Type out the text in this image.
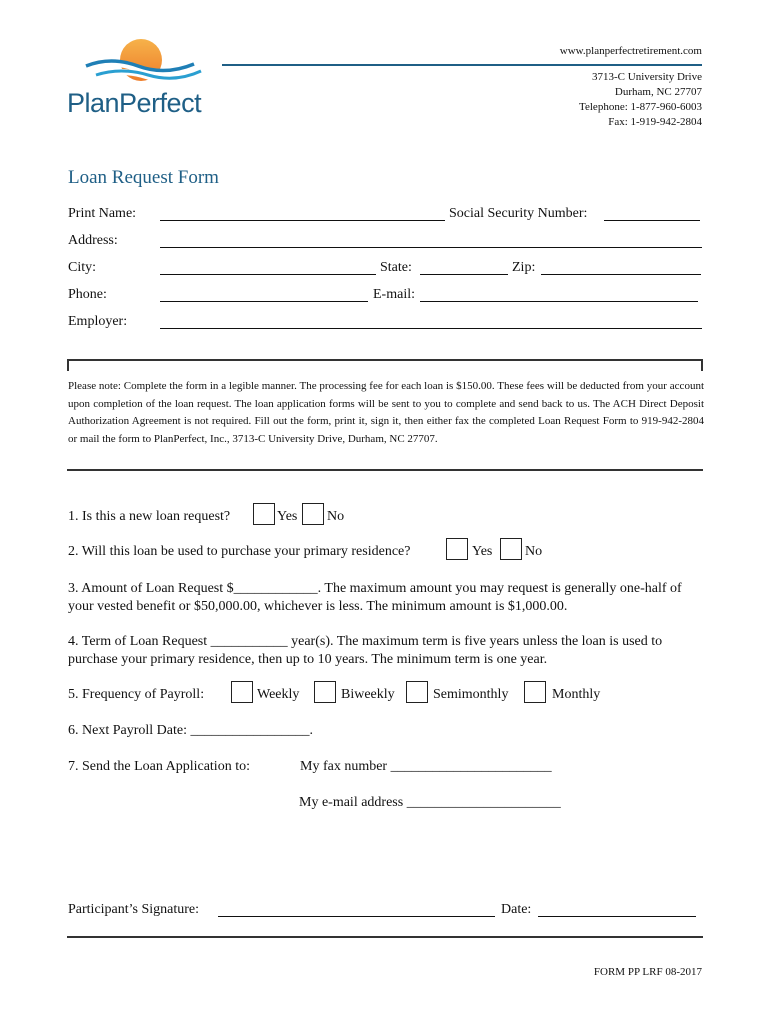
PlanPerfect
www.planperfectretirement.com
3713-C University Drive
Durham, NC 27707
Telephone: 1-877-960-6003
Fax: 1-919-942-2804
Loan Request Form
Print Name:	Social Security Number:
Address:
City:	State:	Zip:
Phone:	E-mail:
Employer:
Please note: Complete the form in a legible manner. The processing fee for each loan is $150.00. These fees will be deducted from your account upon completion of the loan request. The loan application forms will be sent to you to complete and send back to us. The ACH Direct Deposit Authorization Agreement is not required. Fill out the form, print it, sign it, then either fax the completed Loan Request Form to 919-942-2804 or mail the form to PlanPerfect, Inc., 3713-C University Drive, Durham, NC 27707.
1. Is this a new loan request?	Yes No
2. Will this loan be used to purchase your primary residence?	Yes No
3. Amount of Loan Request $____________. The maximum amount you may request is generally one-half of your vested benefit or $50,000.00, whichever is less. The minimum amount is $1,000.00.
4. Term of Loan Request ___________ year(s). The maximum term is five years unless the loan is used to purchase your primary residence, then up to 10 years. The minimum term is one year.
5. Frequency of Payroll:	Weekly	Biweekly	Semimonthly	Monthly
6. Next Payroll Date: _________________.
7. Send the Loan Application to:	My fax number _______________________
My e-mail address ______________________
Participant’s Signature:	Date:
FORM PP LRF 08-2017
